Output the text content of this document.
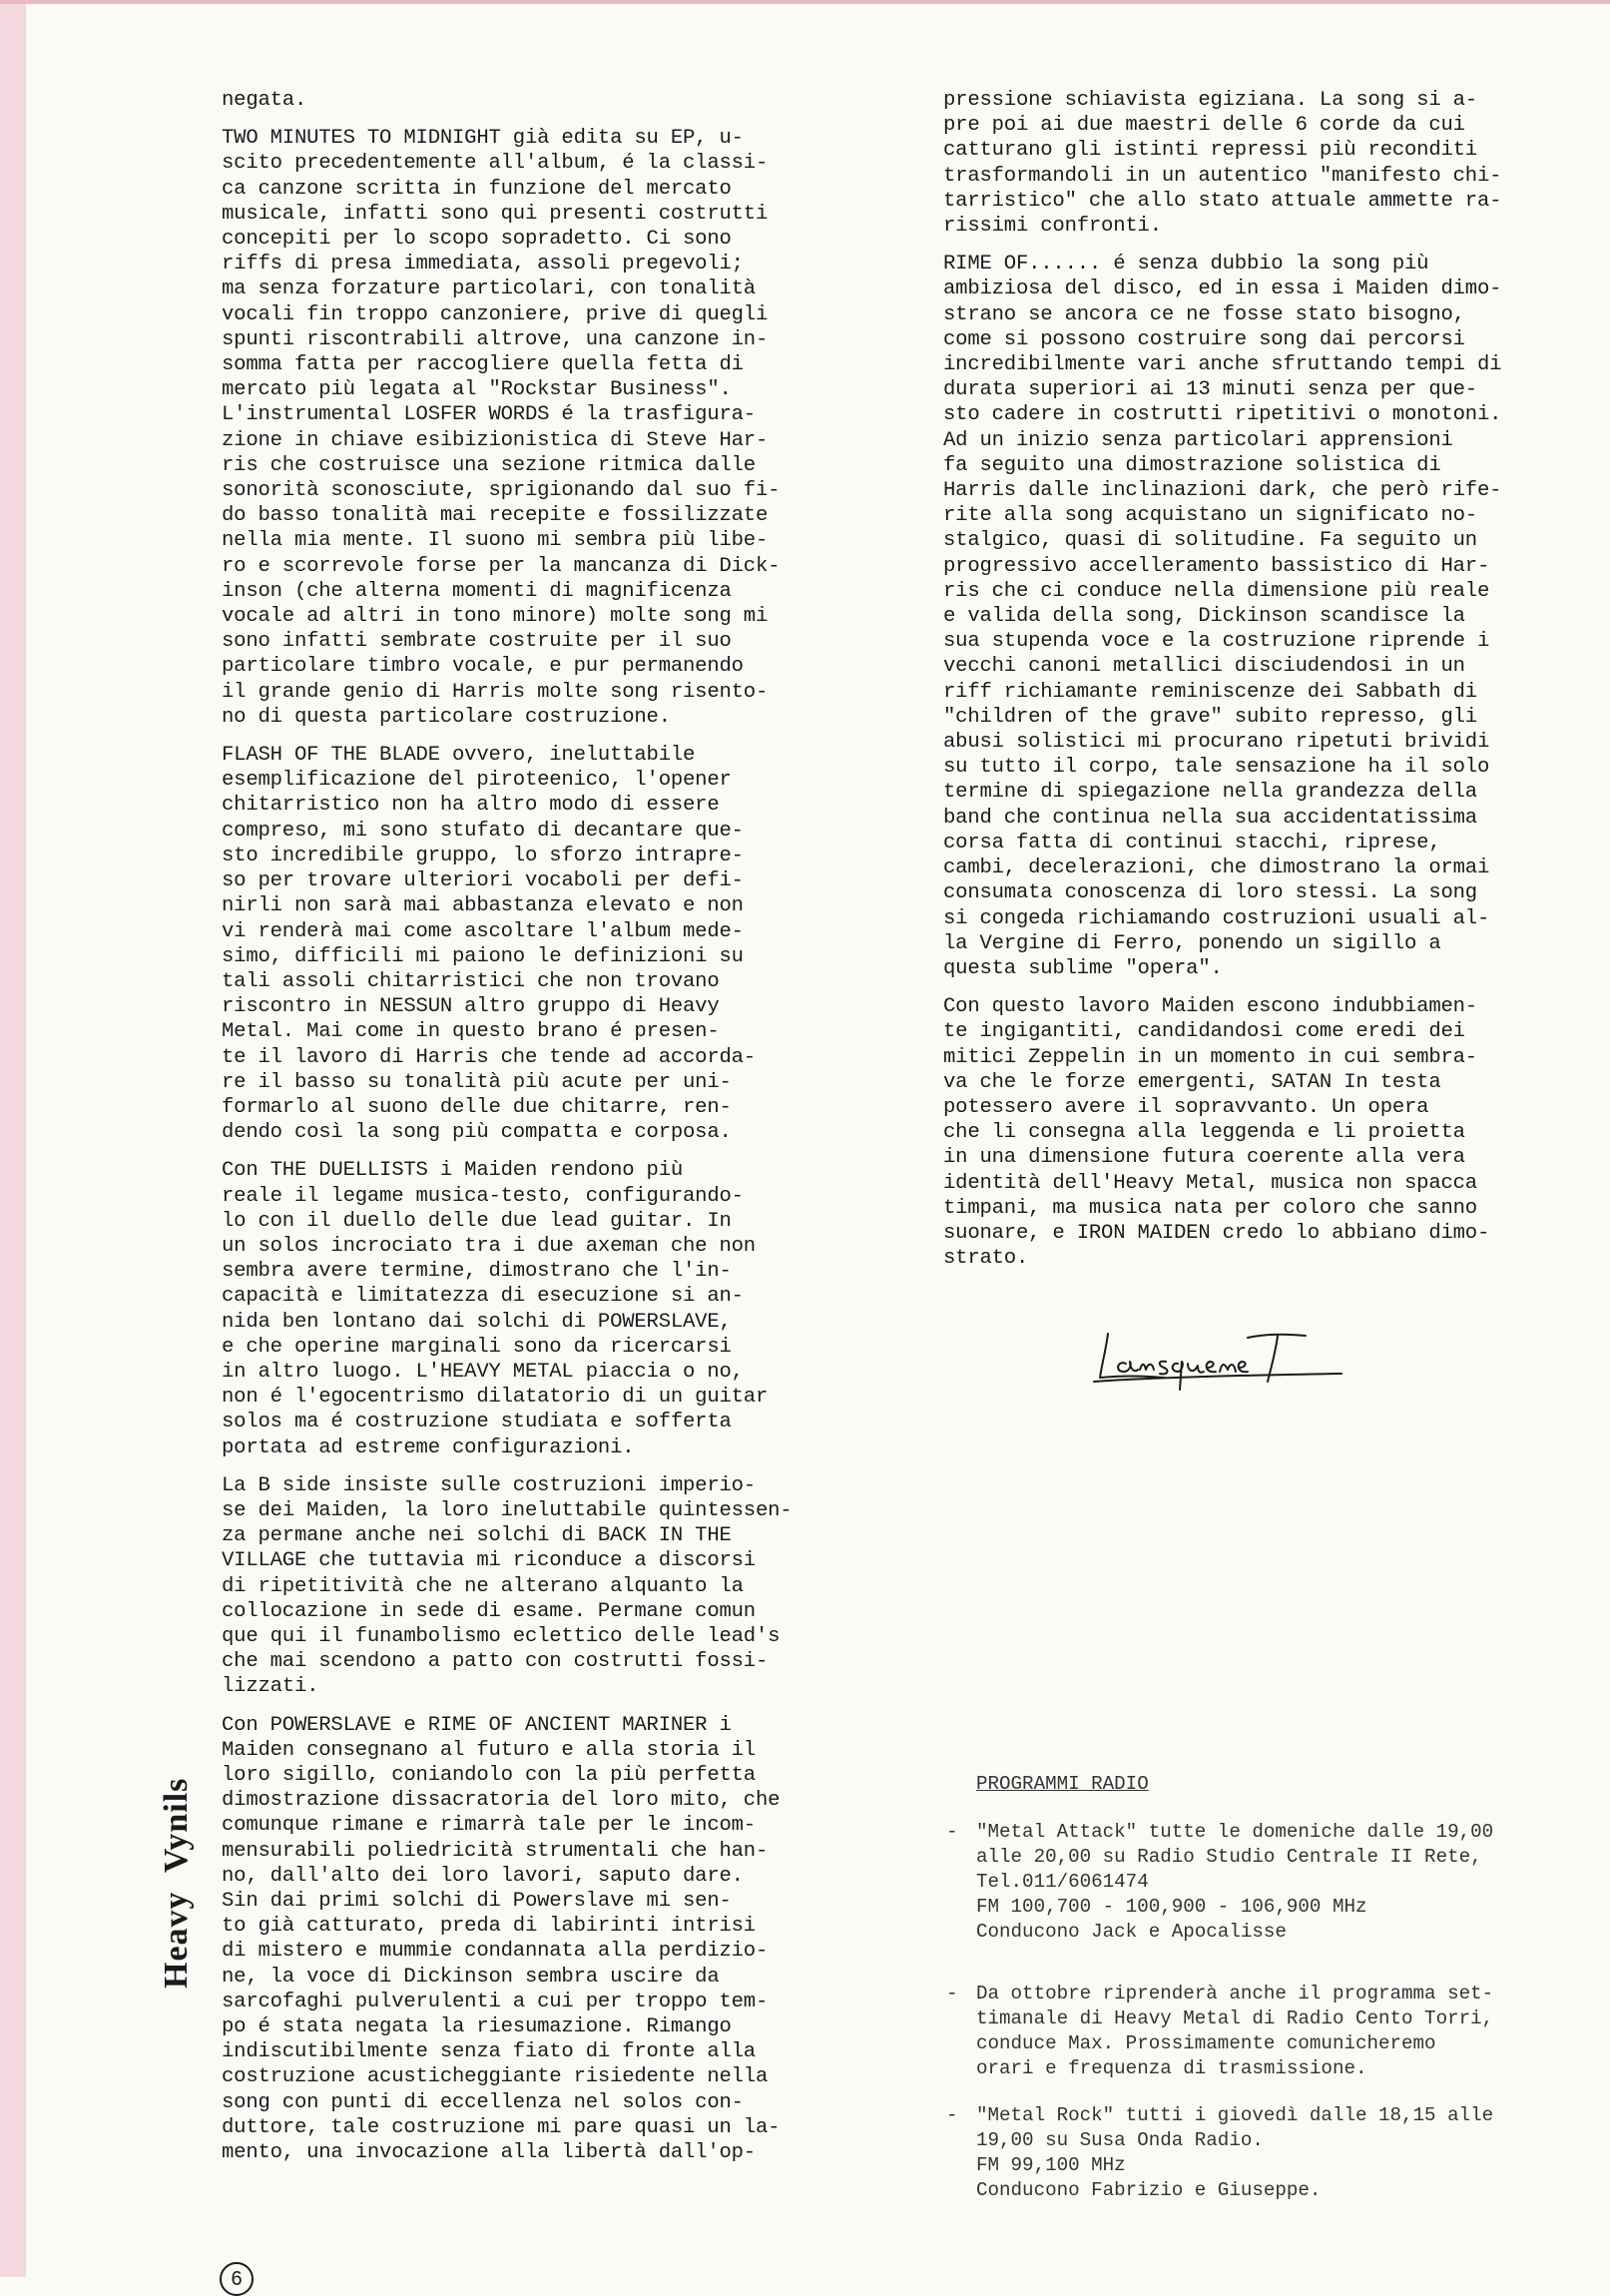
negata.

TWO MINUTES TO MIDNIGHT già edita su EP, u-
scito precedentemente all'album, é la classi-
ca canzone scritta in funzione del mercato
musicale, infatti sono qui presenti costrutti
concepiti per lo scopo sopradetto. Ci sono
riffs di presa immediata, assoli pregevoli;
ma senza forzature particolari, con tonalità
vocali fin troppo canzoniere, prive di quegli
spunti riscontrabili altrove, una canzone in-
somma fatta per raccogliere quella fetta di
mercato più legata al "Rockstar Business".
L'instrumental LOSFER WORDS é la trasfigura-
zione in chiave esibizionistica di Steve Har-
ris che costruisce una sezione ritmica dalle
sonorità sconosciute, sprigionando dal suo fi-
do basso tonalità mai recepite e fossilizzate
nella mia mente. Il suono mi sembra più libe-
ro e scorrevole forse per la mancanza di Dick-
inson (che alterna momenti di magnificenza
vocale ad altri in tono minore) molte song mi
sono infatti sembrate costruite per il suo
particolare timbro vocale, e pur permanendo
il grande genio di Harris molte song risento-
no di questa particolare costruzione.

FLASH OF THE BLADE ovvero, ineluttabile
esemplificazione del piroteenico, l'opener
chitarristico non ha altro modo di essere
compreso, mi sono stufato di decantare que-
sto incredibile gruppo, lo sforzo intrapre-
so per trovare ulteriori vocaboli per defi-
nirli non sarà mai abbastanza elevato e non
vi renderà mai come ascoltare l'album mede-
simo, difficili mi paiono le definizioni su
tali assoli chitarristici che non trovano
riscontro in NESSUN altro gruppo di Heavy
Metal. Mai come in questo brano é presen-
te il lavoro di Harris che tende ad accorda-
re il basso su tonalità più acute per uni-
formarlo al suono delle due chitarre, ren-
dendo così la song più compatta e corposa.

Con THE DUELLISTS i Maiden rendono più
reale il legame musica-testo, configurando-
lo con il duello delle due lead guitar. In
un solos incrociato tra i due axeman che non
sembra avere termine, dimostrano che l'in-
capacità e limitatezza di esecuzione si an-
nida ben lontano dai solchi di POWERSLAVE,
e che operine marginali sono da ricercarsi
in altro luogo. L'HEAVY METAL piaccia o no,
non é l'egocentrismo dilatatorio di un guitar
solos ma é costruzione studiata e sofferta
portata ad estreme configurazioni.

La B side insiste sulle costruzioni imperio-
se dei Maiden, la loro ineluttabile quintessen-
za permane anche nei solchi di BACK IN THE
VILLAGE che tuttavia mi riconduce a discorsi
di ripetitività che ne alterano alquanto la
collocazione in sede di esame. Permane comun
que qui il funambolismo eclettico delle lead's
che mai scendono a patto con costrutti fossi-
lizzati.

Con POWERSLAVE e RIME OF ANCIENT MARINER i
Maiden consegnano al futuro e alla storia il
loro sigillo, coniandolo con la più perfetta
dimostrazione dissacratoria del loro mito, che
comunque rimane e rimarrà tale per le incom-
mensurabili poliedricità strumentali che han-
no, dall'alto dei loro lavori, saputo dare.
Sin dai primi solchi di Powerslave mi sen-
to già catturato, preda di labirinti intrisi
di mistero e mummie condannata alla perdizio-
ne, la voce di Dickinson sembra uscire da
sarcofaghi pulverulenti a cui per troppo tem-
po é stata negata la riesumazione. Rimango
indiscutibilmente senza fiato di fronte alla
costruzione acusticheggiante risiedente nella
song con punti di eccellenza nel solos con-
duttore, tale costruzione mi pare quasi un la-
mento, una invocazione alla libertà dall'op-

pressione schiavista egiziana. La song si a-
pre poi ai due maestri delle 6 corde da cui
catturano gli istinti repressi più reconditi
trasformandoli in un autentico "manifesto chi-
tarristico" che allo stato attuale ammette ra-
rissimi confronti.

RIME OF...... é senza dubbio la song più
ambiziosa del disco, ed in essa i Maiden dimo-
strano se ancora ce ne fosse stato bisogno,
come si possono costruire song dai percorsi
incredibilmente vari anche sfruttando tempi di
durata superiori ai 13 minuti senza per que-
sto cadere in costrutti ripetitivi o monotoni.
Ad un inizio senza particolari apprensioni
fa seguito una dimostrazione solistica di
Harris dalle inclinazioni dark, che però rife-
rite alla song acquistano un significato no-
stalgico, quasi di solitudine. Fa seguito un
progressivo accelleramento bassistico di Har-
ris che ci conduce nella dimensione più reale
e valida della song, Dickinson scandisce la
sua stupenda voce e la costruzione riprende i
vecchi canoni metallici disciudendosi in un
riff richiamante reminiscenze dei Sabbath di
"children of the grave" subito represso, gli
abusi solistici mi procurano ripetuti brividi
su tutto il corpo, tale sensazione ha il solo
termine di spiegazione nella grandezza della
band che continua nella sua accidentatissima
corsa fatta di continui stacchi, riprese,
cambi, decelerazioni, che dimostrano la ormai
consumata conoscenza di loro stessi. La song
si congeda richiamando costruzioni usuali al-
la Vergine di Ferro, ponendo un sigillo a
questa sublime "opera".

Con questo lavoro Maiden escono indubbiamen-
te ingigantiti, candidandosi come eredi dei
mitici Zeppelin in un momento in cui sembra-
va che le forze emergenti, SATAN In testa
potessero avere il sopravvanto. Un opera
che li consegna alla leggenda e li proietta
in una dimensione futura coerente alla vera
identità dell'Heavy Metal, musica non spacca
timpani, ma musica nata per coloro che sanno
suonare, e IRON MAIDEN credo lo abbiano dimo-
strato.

PROGRAMMI RADIO
- "Metal Attack" tutte le domeniche dalle 19,00
alle 20,00 su Radio Studio Centrale II Rete,
Tel.011/6061474
FM 100,700 - 100,900 - 106,900 MHz
Conducono Jack e Apocalisse
- Da ottobre riprenderà anche il programma set-
timanale di Heavy Metal di Radio Cento Torri,
conduce Max. Prossimamente comunicheremo
orari e frequenza di trasmissione.
- "Metal Rock" tutti i giovedì dalle 18,15 alle
19,00 su Susa Onda Radio.
FM 99,100 MHz
Conducono Fabrizio e Giuseppe.
Heavy  Vynils
6
